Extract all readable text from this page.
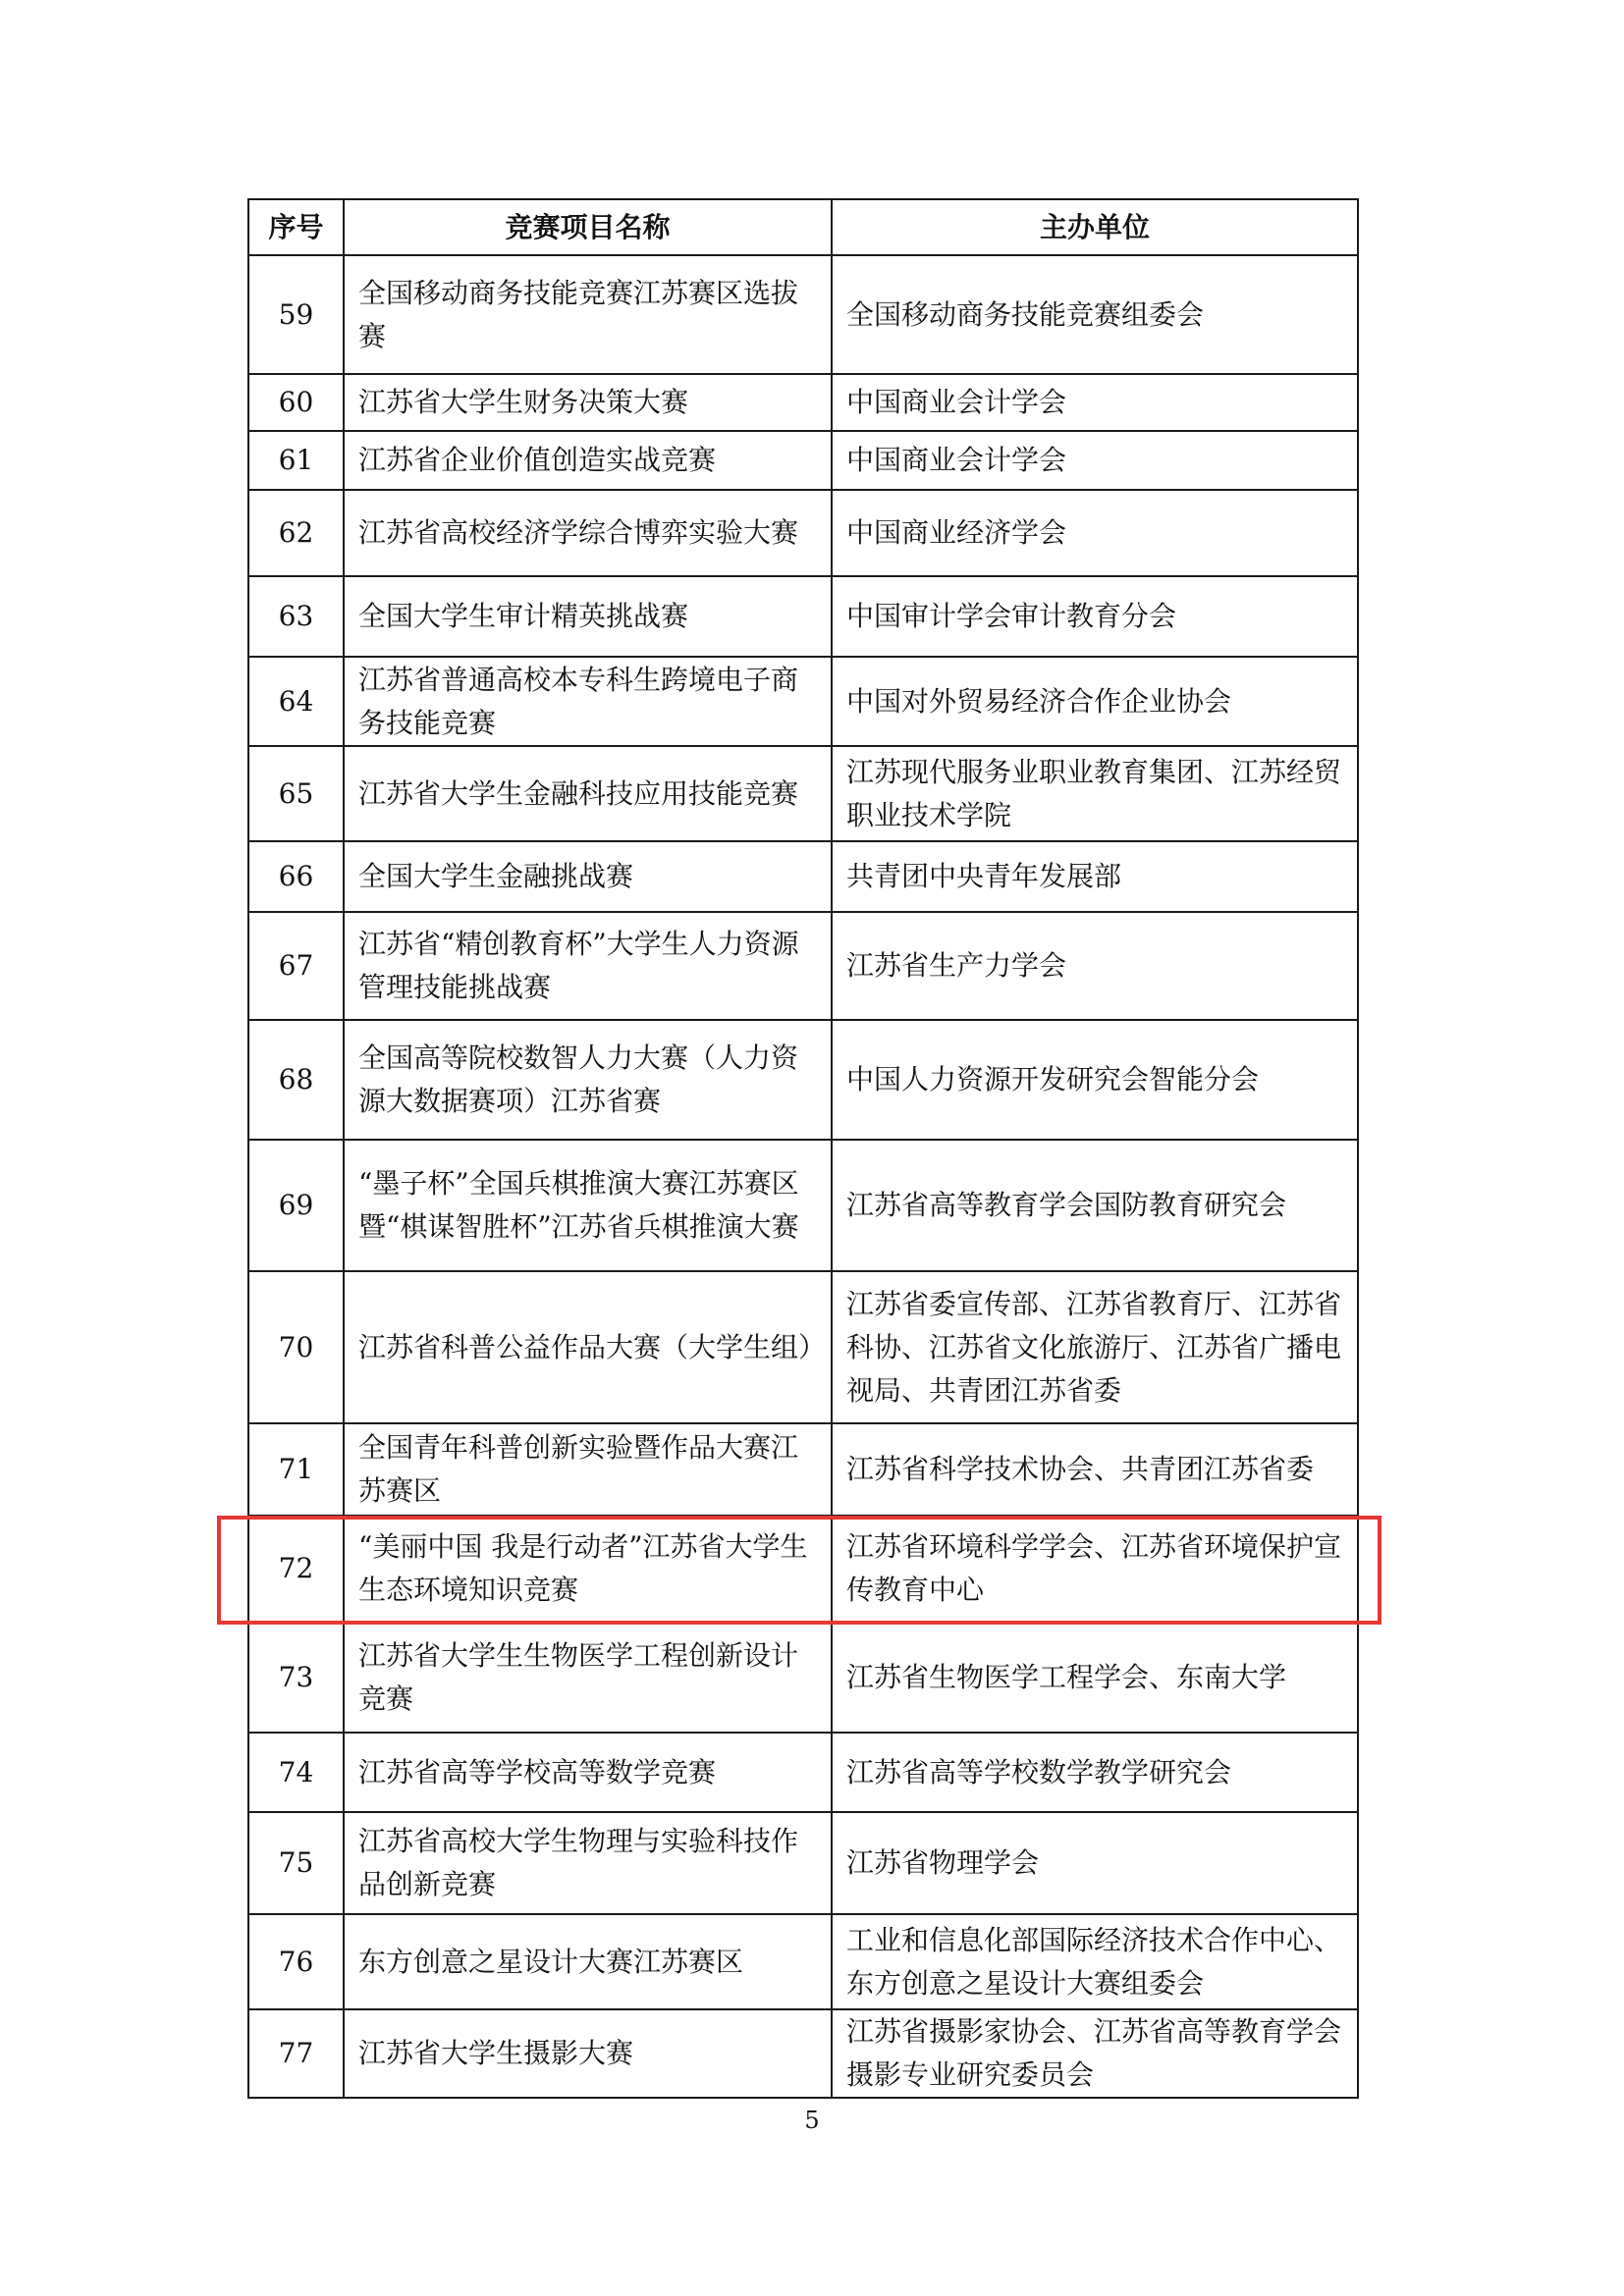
序号	竞赛项目名称	主办单位
59	全国移动商务技能竞赛江苏赛区选拔赛	全国移动商务技能竞赛组委会
60	江苏省大学生财务决策大赛	中国商业会计学会
61	江苏省企业价值创造实战竞赛	中国商业会计学会
62	江苏省高校经济学综合博弈实验大赛	中国商业经济学会
63	全国大学生审计精英挑战赛	中国审计学会审计教育分会
64	江苏省普通高校本专科生跨境电子商务技能竞赛	中国对外贸易经济合作企业协会
65	江苏省大学生金融科技应用技能竞赛	江苏现代服务业职业教育集团、江苏经贸职业技术学院
66	全国大学生金融挑战赛	共青团中央青年发展部
67	江苏省“精创教育杯”大学生人力资源管理技能挑战赛	江苏省生产力学会
68	全国高等院校数智人力大赛（人力资源大数据赛项）江苏省赛	中国人力资源开发研究会智能分会
69	“墨子杯”全国兵棋推演大赛江苏赛区暨“棋谋智胜杯”江苏省兵棋推演大赛	江苏省高等教育学会国防教育研究会
70	江苏省科普公益作品大赛（大学生组）	江苏省委宣传部、江苏省教育厅、江苏省科协、江苏省文化旅游厅、江苏省广播电视局、共青团江苏省委
71	全国青年科普创新实验暨作品大赛江苏赛区	江苏省科学技术协会、共青团江苏省委
72	“美丽中国 我是行动者”江苏省大学生生态环境知识竞赛	江苏省环境科学学会、江苏省环境保护宣传教育中心
73	江苏省大学生生物医学工程创新设计竞赛	江苏省生物医学工程学会、东南大学
74	江苏省高等学校高等数学竞赛	江苏省高等学校数学教学研究会
75	江苏省高校大学生物理与实验科技作品创新竞赛	江苏省物理学会
76	东方创意之星设计大赛江苏赛区	工业和信息化部国际经济技术合作中心、东方创意之星设计大赛组委会
77	江苏省大学生摄影大赛	江苏省摄影家协会、江苏省高等教育学会摄影专业研究委员会
5
